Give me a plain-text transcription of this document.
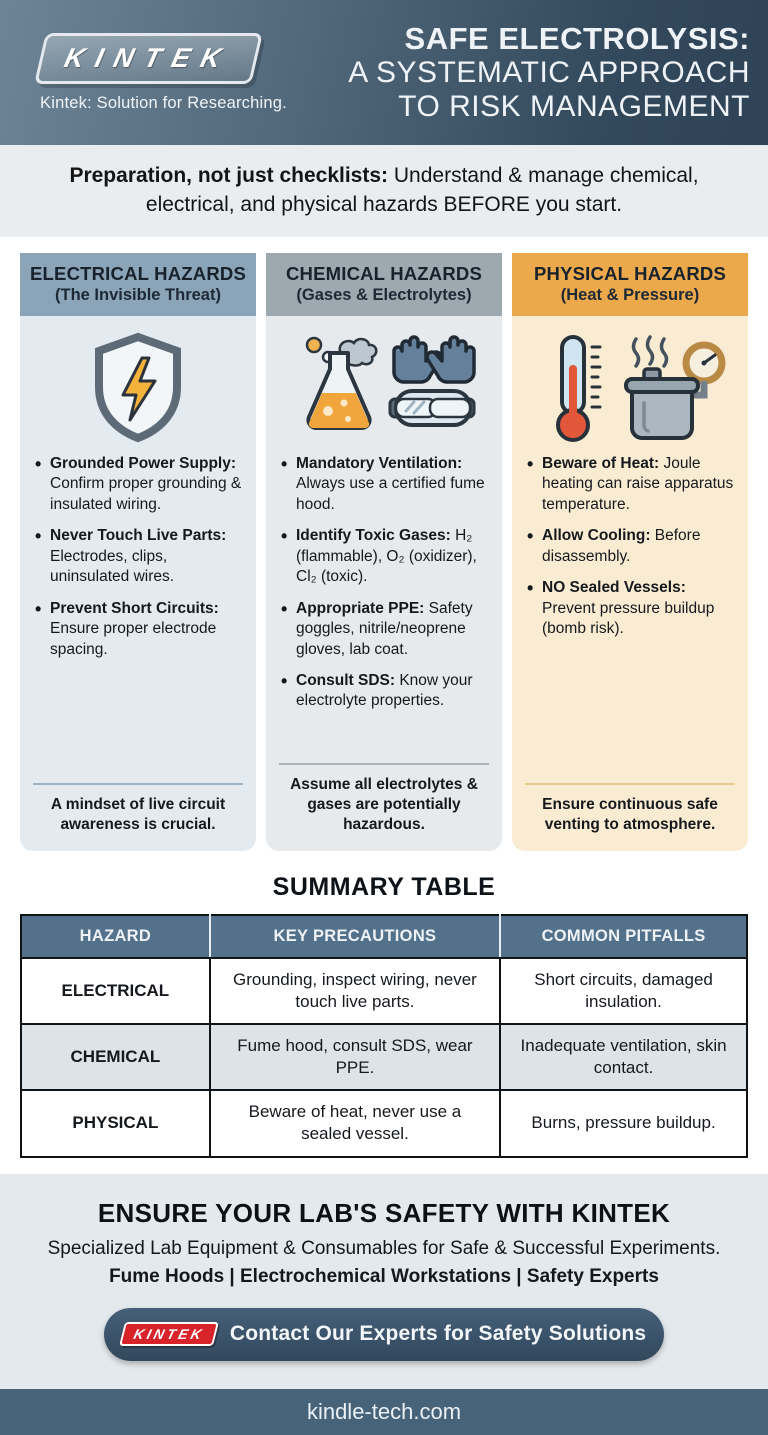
KINTEK
Kintek: Solution for Researching.
SAFE ELECTROLYSIS:
A SYSTEMATIC APPROACH
TO RISK MANAGEMENT

Preparation, not just checklists: Understand & manage chemical, electrical, and physical hazards BEFORE you start.

ELECTRICAL HAZARDS
(The Invisible Threat)
• Grounded Power Supply: Confirm proper grounding & insulated wiring.
• Never Touch Live Parts: Electrodes, clips, uninsulated wires.
• Prevent Short Circuits: Ensure proper electrode spacing.
A mindset of live circuit awareness is crucial.
CHEMICAL HAZARDS
(Gases & Electrolytes)
• Mandatory Ventilation: Always use a certified fume hood.
• Identify Toxic Gases: H₂ (flammable), O₂ (oxidizer), Cl₂ (toxic).
• Appropriate PPE: Safety goggles, nitrile/neoprene gloves, lab coat.
• Consult SDS: Know your electrolyte properties.
Assume all electrolytes & gases are potentially hazardous.
PHYSICAL HAZARDS
(Heat & Pressure)
• Beware of Heat: Joule heating can raise apparatus temperature.
• Allow Cooling: Before disassembly.
• NO Sealed Vessels: Prevent pressure buildup (bomb risk).
Ensure continuous safe venting to atmosphere.
SUMMARY TABLE
HAZARD	KEY PRECAUTIONS	COMMON PITFALLS
ELECTRICAL	Grounding, inspect wiring, never touch live parts.	Short circuits, damaged insulation.
CHEMICAL	Fume hood, consult SDS, wear PPE.	Inadequate ventilation, skin contact.
PHYSICAL	Beware of heat, never use a sealed vessel.	Burns, pressure buildup.
ENSURE YOUR LAB'S SAFETY WITH KINTEK
Specialized Lab Equipment & Consumables for Safe & Successful Experiments.
Fume Hoods | Electrochemical Workstations | Safety Experts
KINTEK	Contact Our Experts for Safety Solutions
kindle-tech.com
